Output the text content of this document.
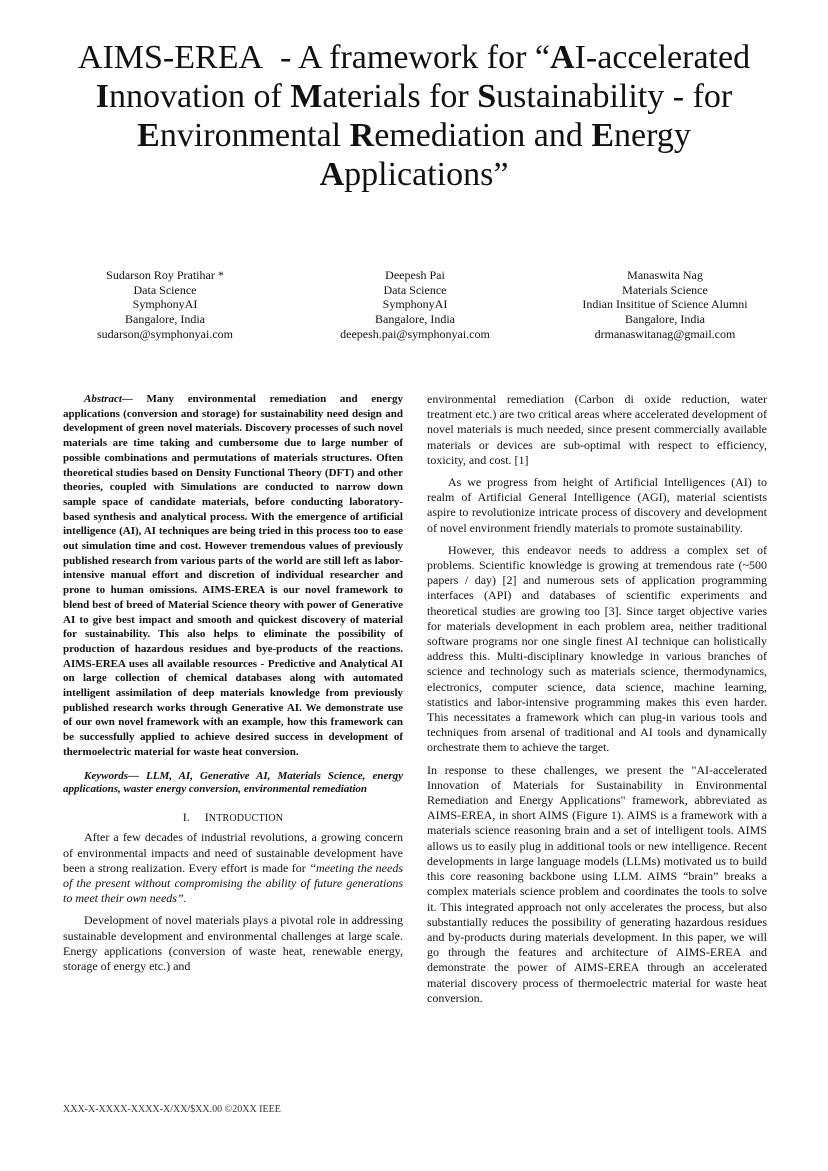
AIMS-EREA  - A framework for “AI-accelerated
Innovation of Materials for Sustainability - for
Environmental Remediation and Energy
Applications”
Sudarson Roy Pratihar *
Data Science
SymphonyAI
Bangalore, India
sudarson@symphonyai.com
Deepesh Pai
Data Science
SymphonyAI
Bangalore, India
deepesh.pai@symphonyai.com
Manaswita Nag
Materials Science
Indian Insititue of Science Alumni
Bangalore, India
drmanaswitanag@gmail.com

Abstract— Many environmental remediation and energy applications (conversion and storage) for sustainability need design and development of green novel materials. Discovery processes of such novel materials are time taking and cumbersome due to large number of possible combinations and permutations of materials structures. Often theoretical studies based on Density Functional Theory (DFT) and other theories, coupled with Simulations are conducted to narrow down sample space of candidate materials, before conducting laboratory-based synthesis and analytical process. With the emergence of artificial intelligence (AI), AI techniques are being tried in this process too to ease out simulation time and cost. However tremendous values of previously published research from various parts of the world are still left as labor-intensive manual effort and discretion of individual researcher and prone to human omissions. AIMS-EREA is our novel framework to blend best of breed of Material Science theory with power of Generative AI to give best impact and smooth and quickest discovery of material for sustainability. This also helps to eliminate the possibility of production of hazardous residues and bye-products of the reactions. AIMS-EREA uses all available resources - Predictive and Analytical AI on large collection of chemical databases along with automated intelligent assimilation of deep materials knowledge from previously published research works through Generative AI. We demonstrate use of our own novel framework with an example, how this framework can be successfully applied to achieve desired success in development of thermoelectric material for waste heat conversion.

Keywords— LLM, AI, Generative AI, Materials Science, energy applications, waster energy conversion, environmental remediation

I. INTRODUCTION

After a few decades of industrial revolutions, a growing concern of environmental impacts and need of sustainable development have been a strong realization. Every effort is made for “meeting the needs of the present without compromising the ability of future generations to meet their own needs”.

Development of novel materials plays a pivotal role in addressing sustainable development and environmental challenges at large scale. Energy applications (conversion of waste heat, renewable energy, storage of energy etc.) and

environmental remediation (Carbon di oxide reduction, water treatment etc.) are two critical areas where accelerated development of novel materials is much needed, since present commercially available materials or devices are sub-optimal with respect to efficiency, toxicity, and cost. [1]

As we progress from height of Artificial Intelligences (AI) to realm of Artificial General Intelligence (AGI), material scientists aspire to revolutionize intricate process of discovery and development of novel environment friendly materials to promote sustainability.

However, this endeavor needs to address a complex set of problems. Scientific knowledge is growing at tremendous rate (~500 papers / day) [2] and numerous sets of application programming interfaces (API) and databases of scientific experiments and theoretical studies are growing too [3]. Since target objective varies for materials development in each problem area, neither traditional software programs nor one single finest AI technique can holistically address this. Multi-disciplinary knowledge in various branches of science and technology such as materials science, thermodynamics, electronics, computer science, data science, machine learning, statistics and labor-intensive programming makes this even harder. This necessitates a framework which can plug-in various tools and techniques from arsenal of traditional and AI tools and dynamically orchestrate them to achieve the target.

In response to these challenges, we present the "AI-accelerated Innovation of Materials for Sustainability in Environmental Remediation and Energy Applications" framework, abbreviated as AIMS-EREA, in short AIMS (Figure 1). AIMS is a framework with a materials science reasoning brain and a set of intelligent tools. AIMS allows us to easily plug in additional tools or new intelligence. Recent developments in large language models (LLMs) motivated us to build this core reasoning backbone using LLM. AIMS “brain” breaks a complex materials science problem and coordinates the tools to solve it. This integrated approach not only accelerates the process, but also substantially reduces the possibility of generating hazardous residues and by-products during materials development. In this paper, we will go through the features and architecture of AIMS-EREA and demonstrate the power of AIMS-EREA through an accelerated material discovery process of thermoelectric material for waste heat conversion.

XXX-X-XXXX-XXXX-X/XX/$XX.00 ©20XX IEEE
